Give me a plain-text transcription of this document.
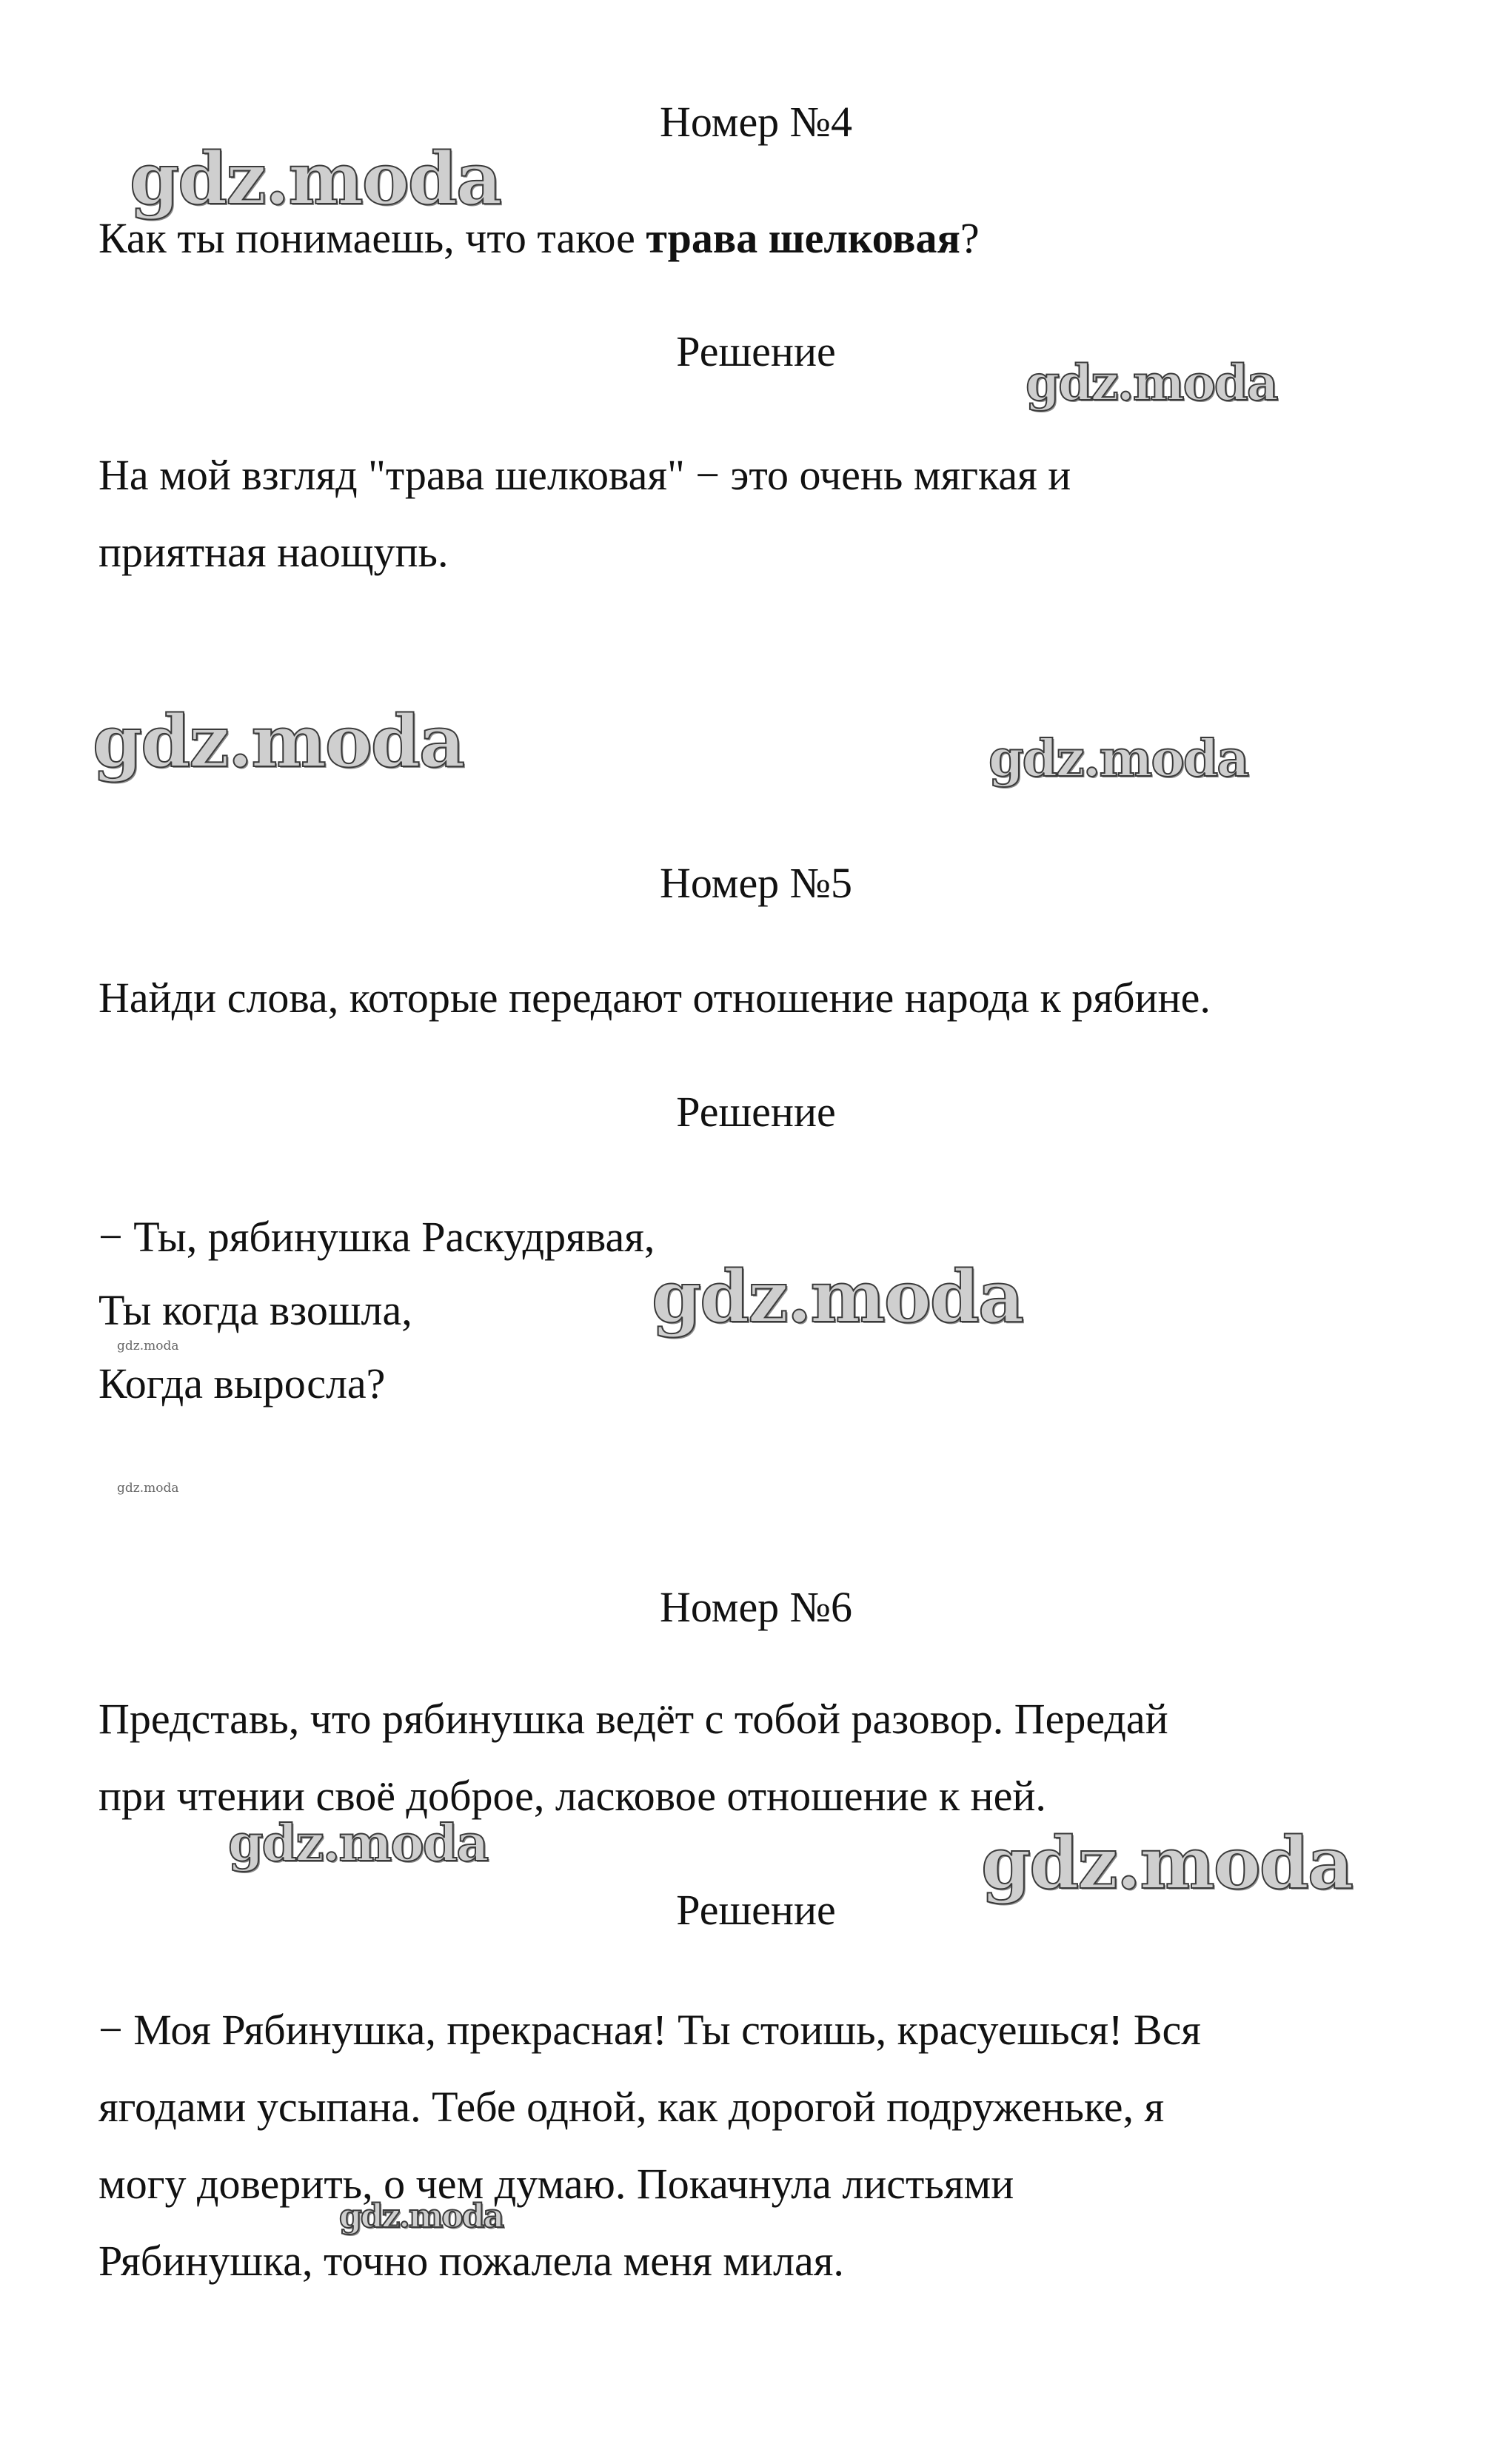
Номер №4
Как ты понимаешь, что такое трава шелковая?
Решение
На мой взгляд "трава шелковая" − это очень мягкая и
приятная наощупь.
Номер №5
Найди слова, которые передают отношение народа к рябине.
Решение
− Ты, рябинушка Раскудрявая,
Ты когда взошла,
Когда выросла?
Номер №6
Представь, что рябинушка ведёт с тобой разовор. Передай
при чтении своё доброе, ласковое отношение к ней.
Решение
− Моя Рябинушка, прекрасная! Ты стоишь, красуешься! Вся
ягодами усыпана. Тебе одной, как дорогой подруженьке, я
могу доверить, о чем думаю. Покачнула листьями
Рябинушка, точно пожалела меня милая.
gdz.moda
gdz.moda
gdz.moda	gdz.moda
gdz.moda
gdz.moda
gdz.moda
gdz.moda	gdz.moda
gdz.moda
